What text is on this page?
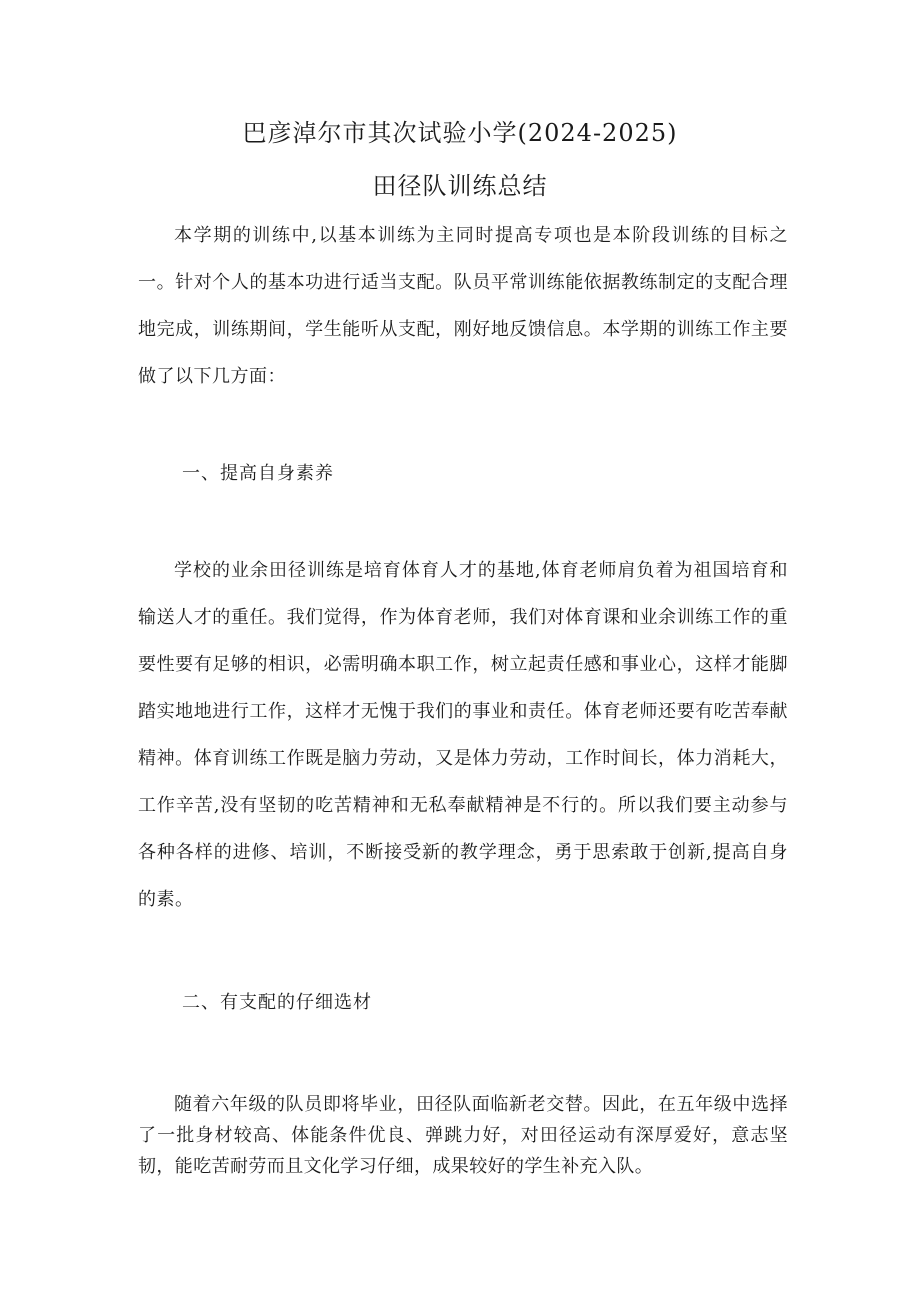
巴彦淖尔市其次试验小学(2024-2025)
田径队训练总结
本学期的训练中,以基本训练为主同时提高专项也是本阶段训练的目标之一。针对个人的基本功进行适当支配。队员平常训练能依据教练制定的支配合理地完成，训练期间，学生能听从支配，刚好地反馈信息。本学期的训练工作主要做了以下几方面：
一、提高自身素养
学校的业余田径训练是培育体育人才的基地,体育老师肩负着为祖国培育和输送人才的重任。我们觉得，作为体育老师，我们对体育课和业余训练工作的重要性要有足够的相识，必需明确本职工作，树立起责任感和事业心，这样才能脚踏实地地进行工作，这样才无愧于我们的事业和责任。体育老师还要有吃苦奉献精神。体育训练工作既是脑力劳动，又是体力劳动，工作时间长，体力消耗大，工作辛苦,没有坚韧的吃苦精神和无私奉献精神是不行的。所以我们要主动参与各种各样的进修、培训，不断接受新的教学理念，勇于思索敢于创新,提高自身的素。
二、有支配的仔细选材
随着六年级的队员即将毕业，田径队面临新老交替。因此，在五年级中选择了一批身材较高、体能条件优良、弹跳力好，对田径运动有深厚爱好，意志坚韧，能吃苦耐劳而且文化学习仔细，成果较好的学生补充入队。
